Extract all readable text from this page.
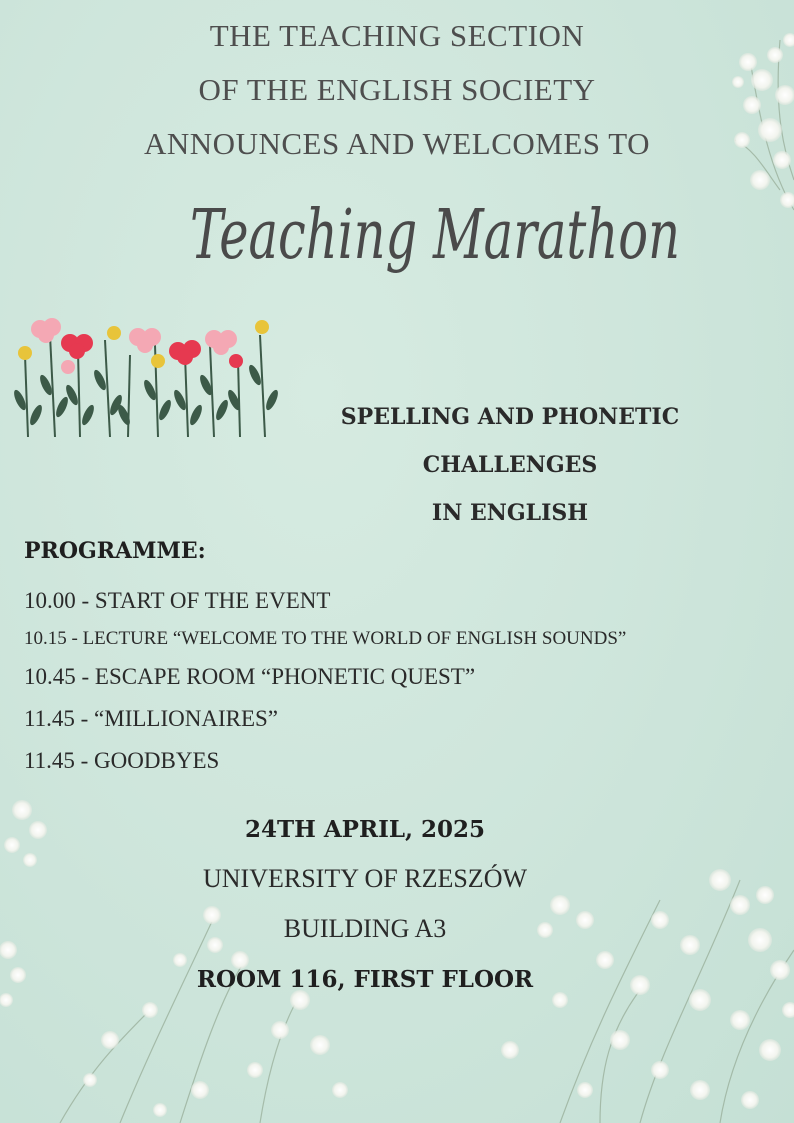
THE TEACHING SECTION
OF THE ENGLISH SOCIETY
ANNOUNCES AND WELCOMES TO
Teaching Marathon
SPELLING AND PHONETIC
CHALLENGES
IN ENGLISH
PROGRAMME:
10.00 - START OF THE EVENT
10.15 - LECTURE “WELCOME TO THE WORLD OF ENGLISH SOUNDS”
10.45 - ESCAPE ROOM “PHONETIC QUEST”
11.45 - “MILLIONAIRES”
11.45 - GOODBYES
24TH APRIL, 2025
UNIVERSITY OF RZESZÓW
BUILDING A3
ROOM 116, FIRST FLOOR
